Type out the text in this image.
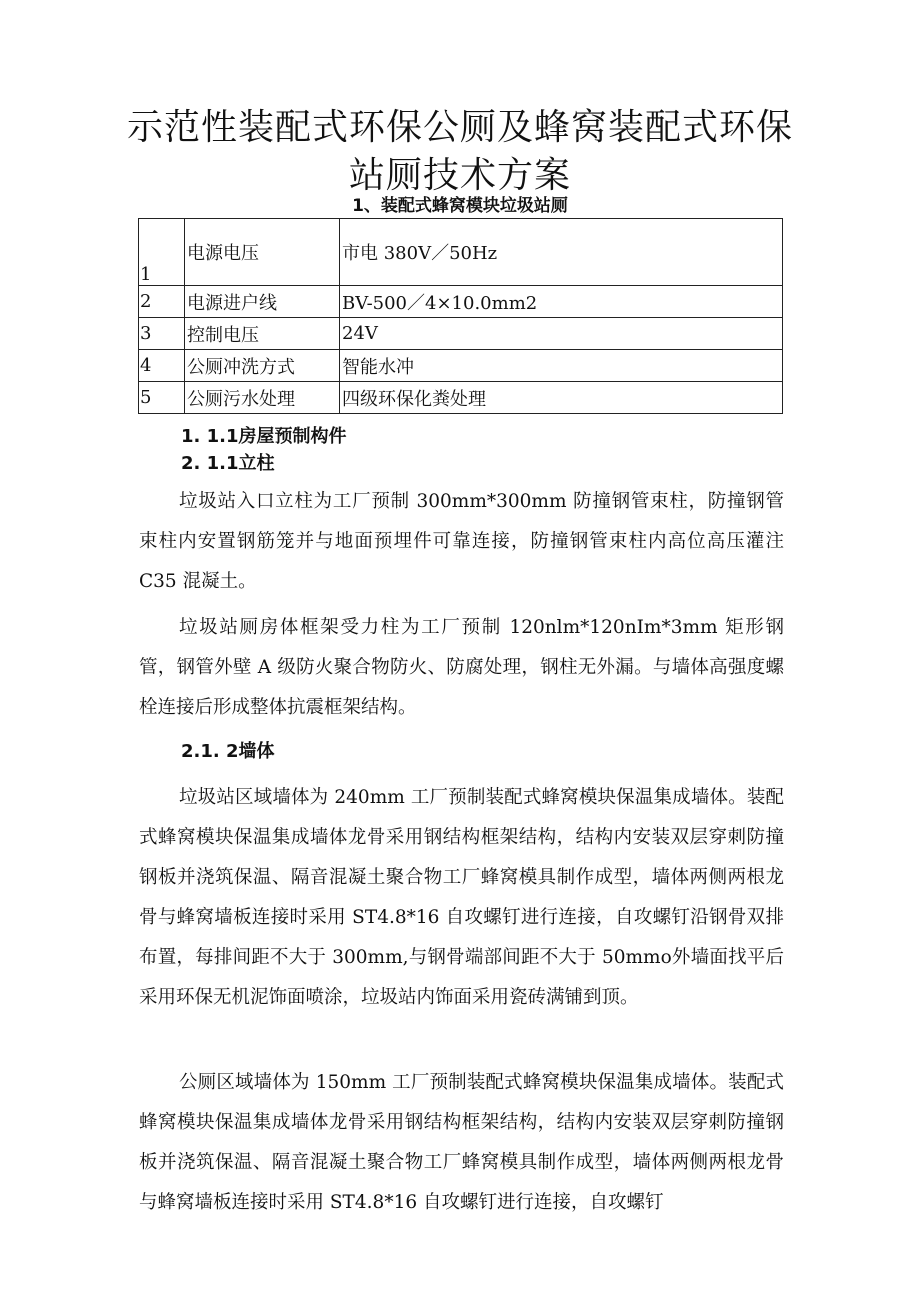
示范性装配式环保公厕及蜂窝装配式环保
站厕技术方案
1、装配式蜂窝模块垃圾站厕
1	电源电压	市电 380V／50Hz
2	电源进户线	BV-500／4×10.0mm2
3	控制电压	24V
4	公厕冲洗方式	智能水冲
5	公厕污水处理	四级环保化粪处理
1. 1.1房屋预制构件
2. 1.1立柱

垃圾站入口立柱为工厂预制 300mm*300mm 防撞钢管束柱，防撞钢管束柱内安置钢筋笼并与地面预埋件可靠连接，防撞钢管束柱内高位高压灌注 C35 混凝土。

垃圾站厕房体框架受力柱为工厂预制 120nlm*120nIm*3mm 矩形钢管，钢管外壁 A 级防火聚合物防火、防腐处理，钢柱无外漏。与墙体高强度螺栓连接后形成整体抗震框架结构。

2.1. 2墙体

垃圾站区域墙体为 240mm 工厂预制装配式蜂窝模块保温集成墙体。装配式蜂窝模块保温集成墙体龙骨采用钢结构框架结构，结构内安装双层穿刺防撞钢板并浇筑保温、隔音混凝土聚合物工厂蜂窝模具制作成型，墙体两侧两根龙骨与蜂窝墙板连接时采用 ST4.8*16 自攻螺钉进行连接，自攻螺钉沿钢骨双排布置，每排间距不大于 300mm,与钢骨端部间距不大于 50mmo外墙面找平后采用环保无机泥饰面喷涂，垃圾站内饰面采用瓷砖满铺到顶。

公厕区域墙体为 150mm 工厂预制装配式蜂窝模块保温集成墙体。装配式蜂窝模块保温集成墙体龙骨采用钢结构框架结构，结构内安装双层穿刺防撞钢板并浇筑保温、隔音混凝土聚合物工厂蜂窝模具制作成型，墙体两侧两根龙骨与蜂窝墙板连接时采用 ST4.8*16 自攻螺钉进行连接，自攻螺钉
